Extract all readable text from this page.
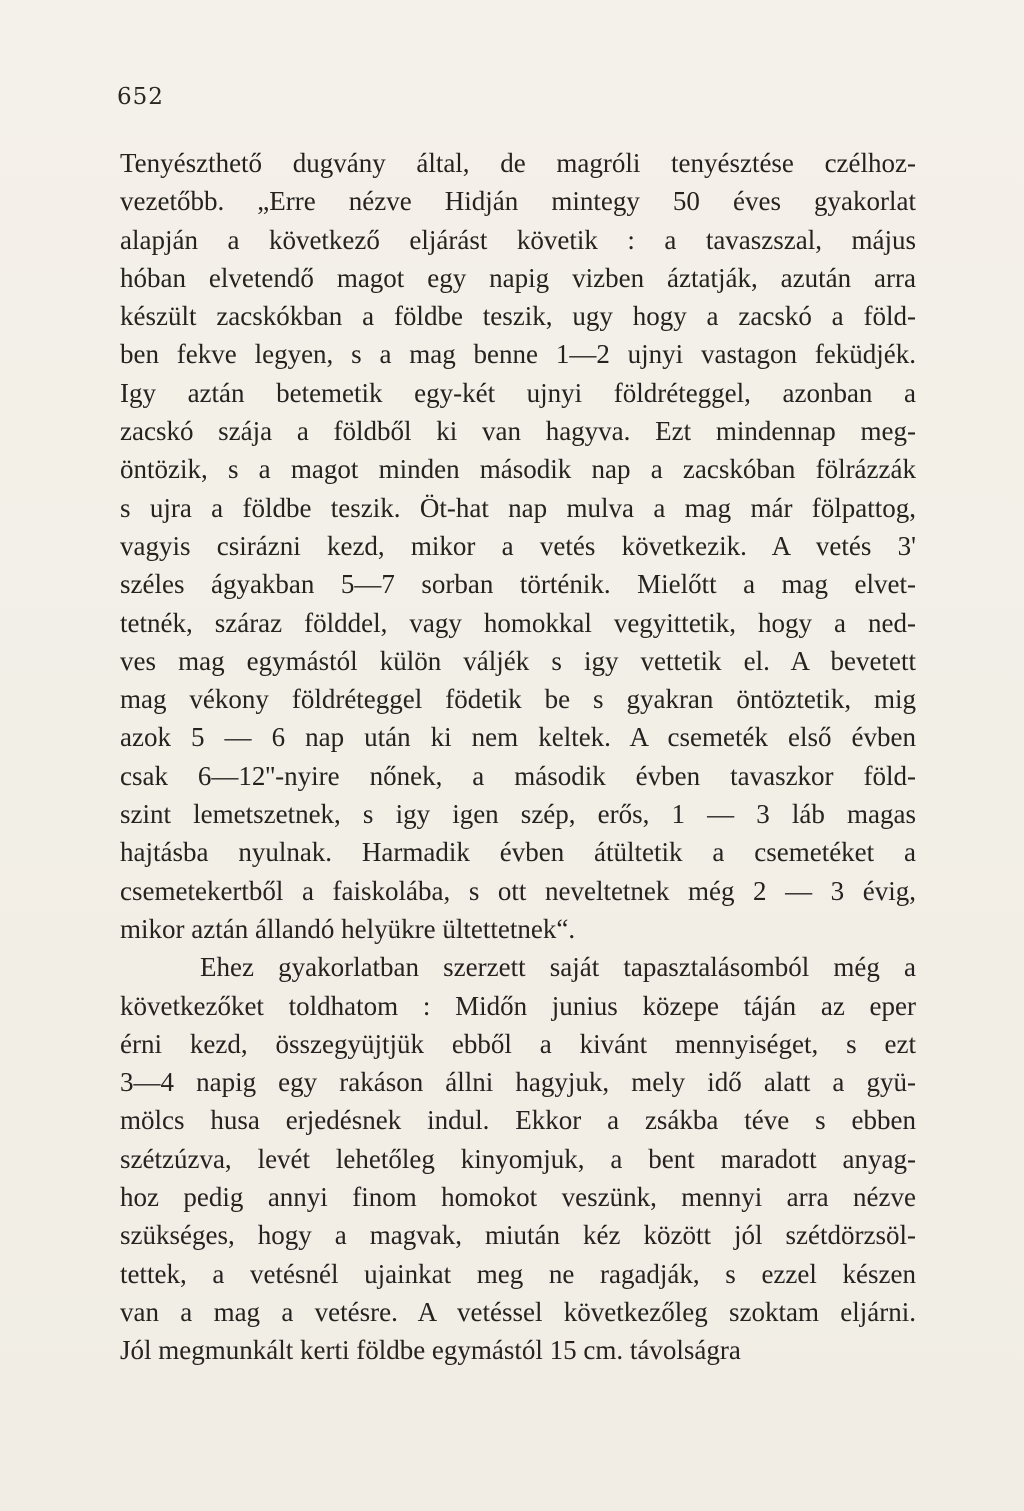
652
Tenyészthető dugvány által, de magróli tenyésztése czélhoz-
vezetőbb. „Erre nézve Hidján mintegy 50 éves gyakorlat
alapján a következő eljárást követik : a tavaszszal, május
hóban elvetendő magot egy napig vizben áztatják, azután arra
készült zacskókban a földbe teszik, ugy hogy a zacskó a föld-
ben fekve legyen, s a mag benne 1—2 ujnyi vastagon feküdjék.
Igy aztán betemetik egy-két ujnyi földréteggel, azonban a
zacskó szája a földből ki van hagyva. Ezt mindennap meg-
öntözik, s a magot minden második nap a zacskóban fölrázzák
s ujra a földbe teszik. Öt-hat nap mulva a mag már fölpattog,
vagyis csirázni kezd, mikor a vetés következik. A vetés 3'
széles ágyakban 5—7 sorban történik. Mielőtt a mag elvet-
tetnék, száraz földdel, vagy homokkal vegyittetik, hogy a ned-
ves mag egymástól külön váljék s igy vettetik el. A bevetett
mag vékony földréteggel födetik be s gyakran öntöztetik, mig
azok 5 — 6 nap után ki nem keltek. A csemeték első évben
csak 6—12''-nyire nőnek, a második évben tavaszkor föld-
szint lemetszetnek, s igy igen szép, erős, 1 — 3 láb magas
hajtásba nyulnak. Harmadik évben átültetik a csemetéket a
csemetekertből a faiskolába, s ott neveltetnek még 2 — 3 évig,
mikor aztán állandó helyükre ültettetnek“.
Ehez gyakorlatban szerzett saját tapasztalásomból még a
következőket toldhatom : Midőn junius közepe táján az eper
érni kezd, összegyüjtjük ebből a kivánt mennyiséget, s ezt
3—4 napig egy rakáson állni hagyjuk, mely idő alatt a gyü-
mölcs husa erjedésnek indul. Ekkor a zsákba téve s ebben
szétzúzva, levét lehetőleg kinyomjuk, a bent maradott anyag-
hoz pedig annyi finom homokot veszünk, mennyi arra nézve
szükséges, hogy a magvak, miután kéz között jól szétdörzsöl-
tettek, a vetésnél ujainkat meg ne ragadják, s ezzel készen
van a mag a vetésre. A vetéssel következőleg szoktam eljárni.
Jól megmunkált kerti földbe egymástól 15 cm. távolságra
